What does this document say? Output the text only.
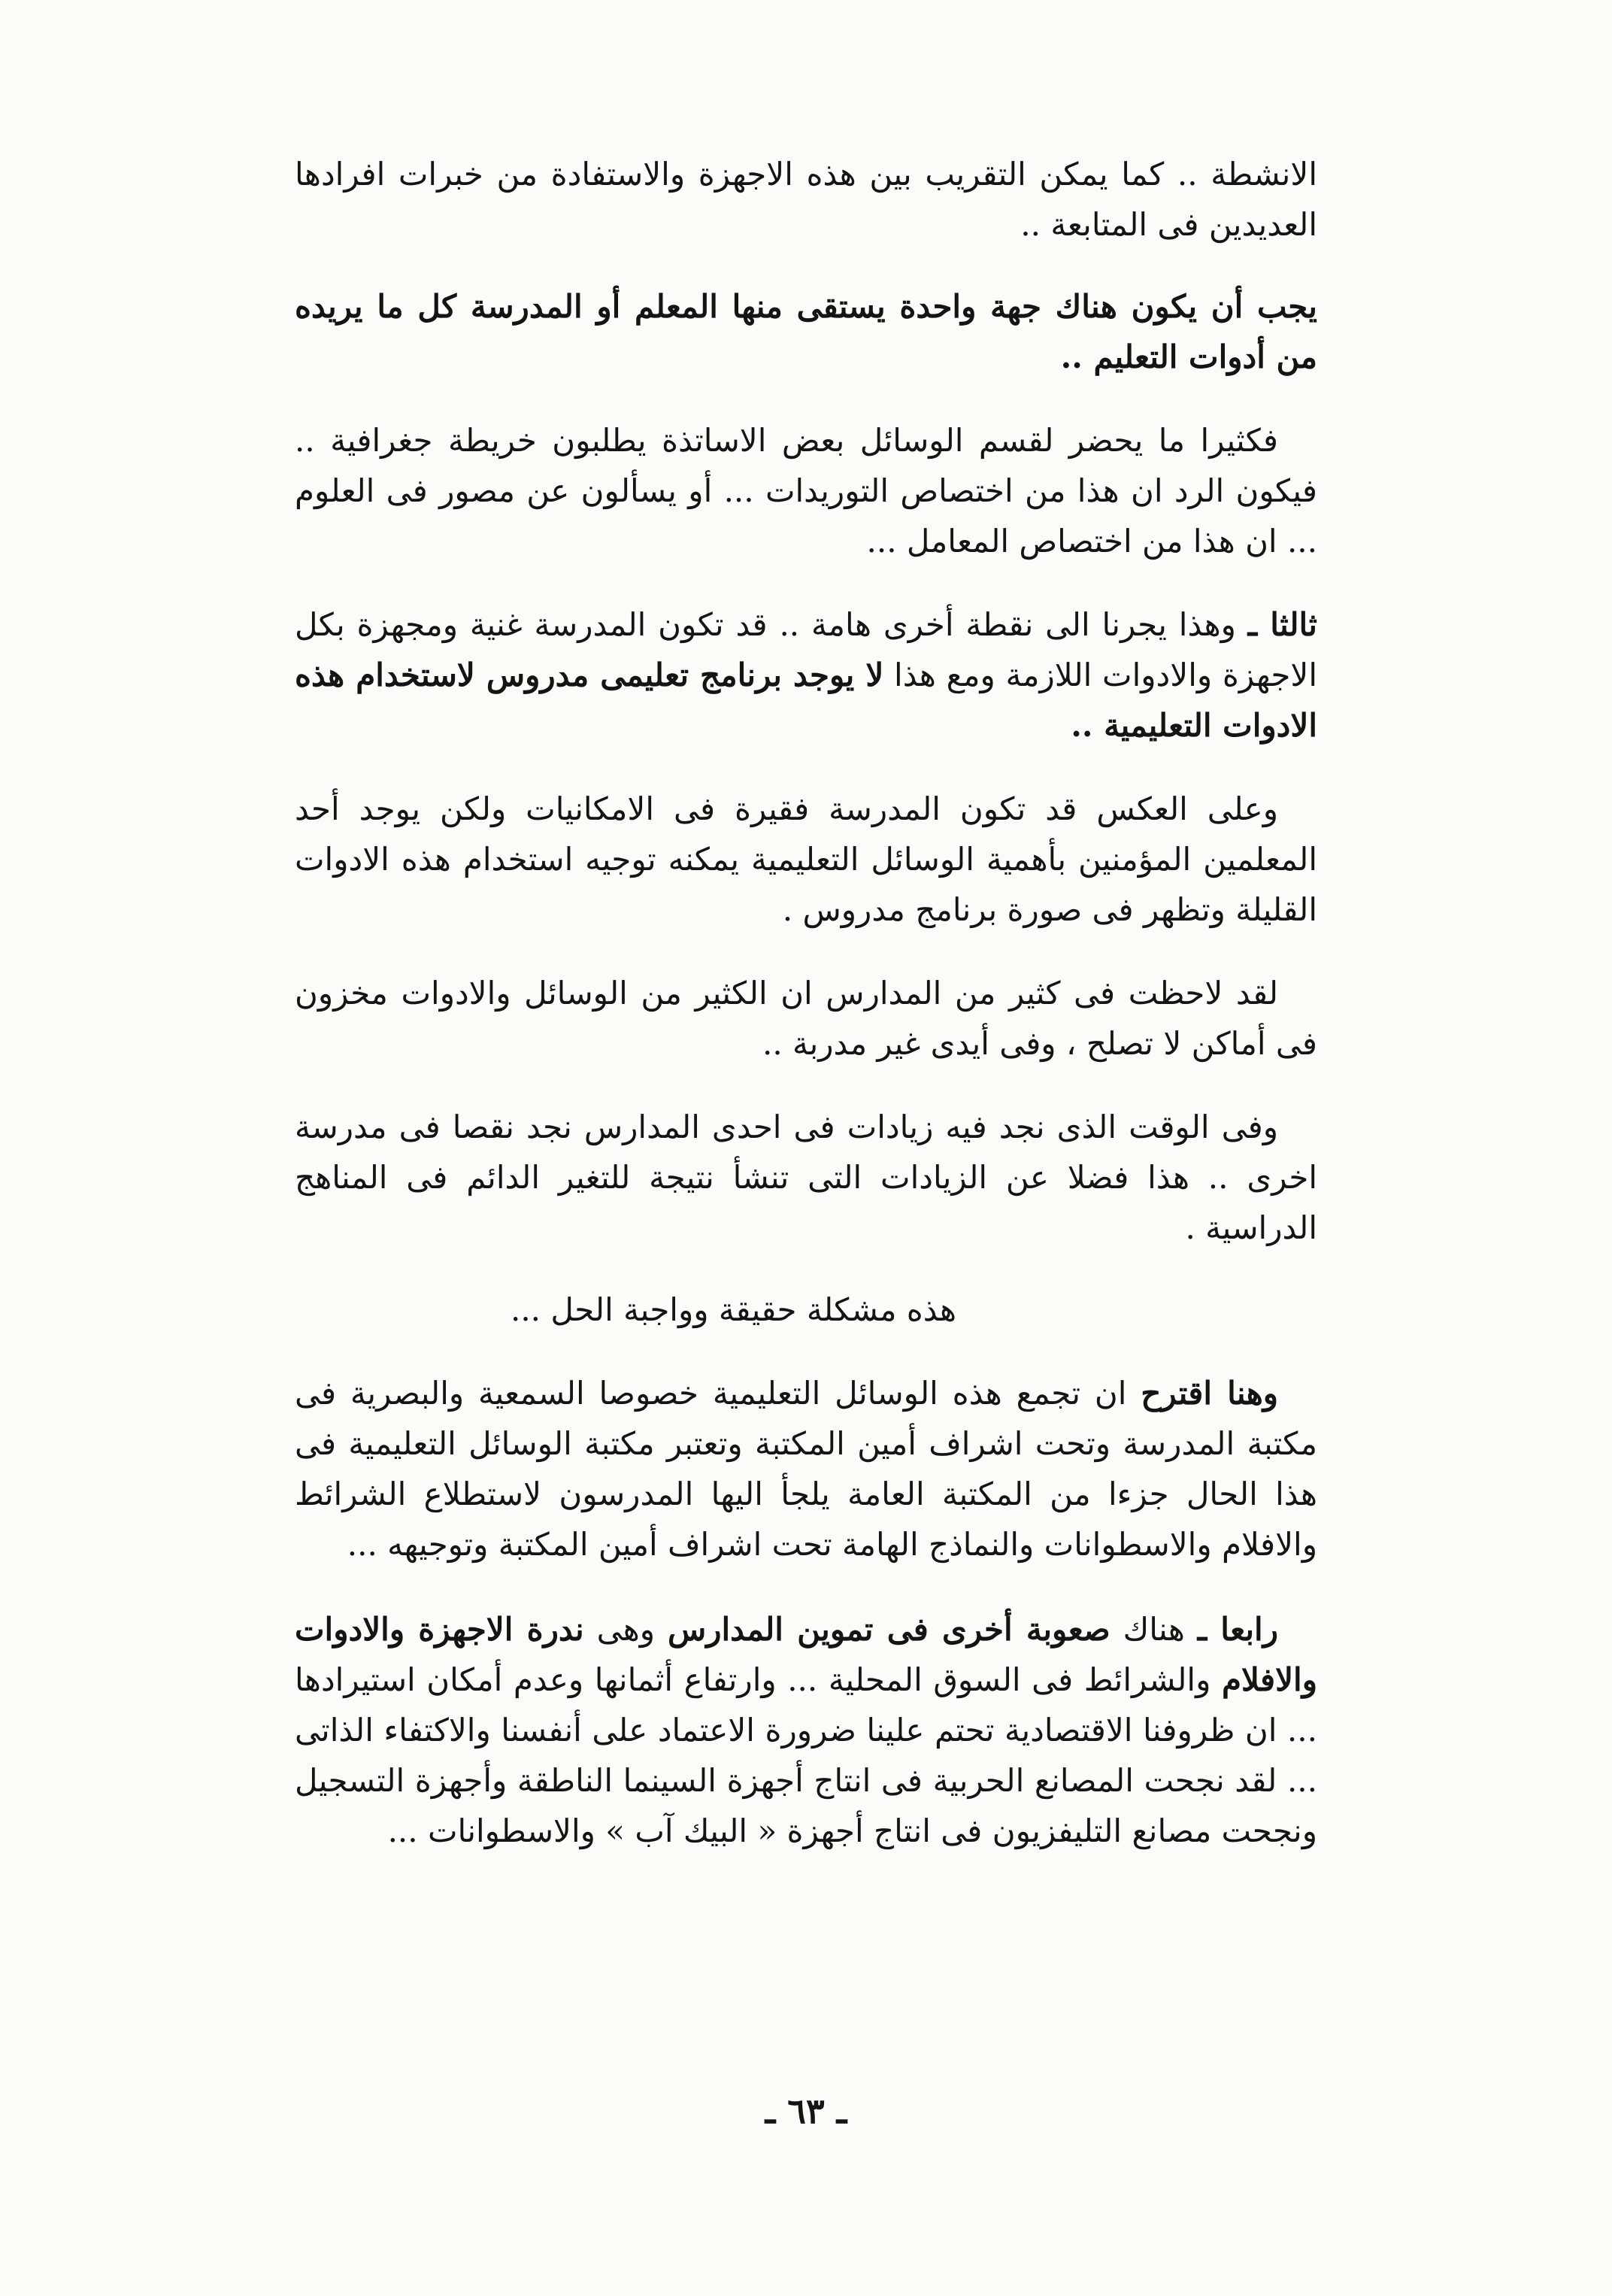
الانشطة .. كما يمكن التقريب بين هذه الاجهزة والاستفادة من خبرات افرادها العديدين فى المتابعة ..

يجب أن يكون هناك جهة واحدة يستقى منها المعلم أو المدرسة كل ما يريده من أدوات التعليم ..

فكثيرا ما يحضر لقسم الوسائل بعض الاساتذة يطلبون خريطة جغرافية .. فيكون الرد ان هذا من اختصاص التوريدات ... أو يسألون عن مصور فى العلوم ... ان هذا من اختصاص المعامل ...

ثالثا ـ وهذا يجرنا الى نقطة أخرى هامة .. قد تكون المدرسة غنية ومجهزة بكل الاجهزة والادوات اللازمة ومع هذا لا يوجد برنامج تعليمى مدروس لاستخدام هذه الادوات التعليمية ..

وعلى العكس قد تكون المدرسة فقيرة فى الامكانيات ولكن يوجد أحد المعلمين المؤمنين بأهمية الوسائل التعليمية يمكنه توجيه استخدام هذه الادوات القليلة وتظهر فى صورة برنامج مدروس .

لقد لاحظت فى كثير من المدارس ان الكثير من الوسائل والادوات مخزون فى أماكن لا تصلح ، وفى أيدى غير مدربة ..

وفى الوقت الذى نجد فيه زيادات فى احدى المدارس نجد نقصا فى مدرسة اخرى .. هذا فضلا عن الزيادات التى تنشأ نتيجة للتغير الدائم فى المناهج الدراسية .

هذه مشكلة حقيقة وواجبة الحل ...

وهنا اقترح ان تجمع هذه الوسائل التعليمية خصوصا السمعية والبصرية فى مكتبة المدرسة وتحت اشراف أمين المكتبة وتعتبر مكتبة الوسائل التعليمية فى هذا الحال جزءا من المكتبة العامة يلجأ اليها المدرسون لاستطلاع الشرائط والافلام والاسطوانات والنماذج الهامة تحت اشراف أمين المكتبة وتوجيهه ...

رابعا ـ هناك صعوبة أخرى فى تموين المدارس وهى ندرة الاجهزة والادوات والافلام والشرائط فى السوق المحلية ... وارتفاع أثمانها وعدم أمكان استيرادها ... ان ظروفنا الاقتصادية تحتم علينا ضرورة الاعتماد على أنفسنا والاكتفاء الذاتى ... لقد نجحت المصانع الحربية فى انتاج أجهزة السينما الناطقة وأجهزة التسجيل ونجحت مصانع التليفزيون فى انتاج أجهزة « البيك آب » والاسطوانات ...

ـ ٦٣ ـ
